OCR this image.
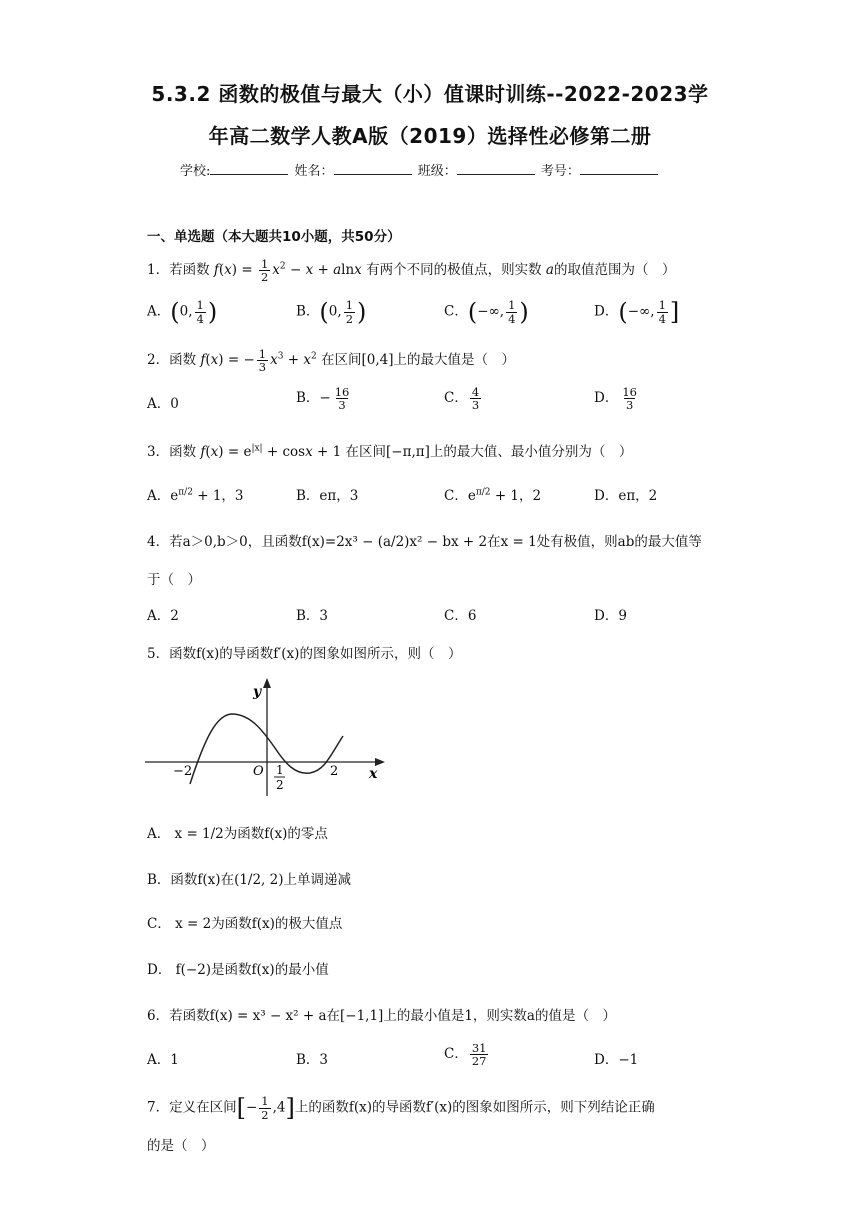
5.3.2 函数的极值与最大（小）值课时训练--2022-2023学
年高二数学人教A版（2019）选择性必修第二册
学校:	姓名：	班级：	考号：
一、单选题（本大题共10小题，共50分）
1．若函数 $f(x) = \frac{1}{2} x^2 - x + alnx$ 有两个不同的极值点，则实数 a的取值范围为（　）
A．(0, $\frac{1}{4}$ )	B．(0, $\frac{1}{2}$ )	C．(−∞, $\frac{1}{4}$ )	D．(−∞, $\frac{1}{4}$ ]
2．函数 f(x) = − $\frac{1}{3} x^3 + x^2$ 在区间[0,4]上的最大值是（　）
A．0	B．− $\frac{16}{3}$	C． $\frac{4}{3}$	D． $\frac{16}{3}$
3．函数 $f(x) = e^{|x|} + \cos x + 1$ 在区间[−π,π]上的最大值、最小值分别为（　）
A．$e^{\pi/2} + 1$，3	B．eπ，3	C．$e^{\pi/2} + 1$，2	D．eπ，2
4．若a＞0,b＞0，且函数f(x)=2x³ − (a/2)x² − bx + 2在x = 1处有极值，则ab的最大值等
于（　）
A．2	B．3	C．6	D．9
5．函数f(x)的导函数f′(x)的图象如图所示，则（　）
y
x
O
−2	2
1
2
A． x = 1/2为函数f(x)的零点
B．函数f(x)在(1/2, 2)上单调递减
C． x = 2为函数f(x)的极大值点
D． f(−2)是函数f(x)的最小值
6．若函数f(x) = x³ − x² + a在[−1,1]上的最小值是1，则实数a的值是（　）
A．1	B．3	C． $\frac{31}{27}$	D．−1
7．定义在区间[− $\frac{1}{2} ,4$]上的函数f(x)的导函数f′(x)的图象如图所示，则下列结论正确
的是（　）
